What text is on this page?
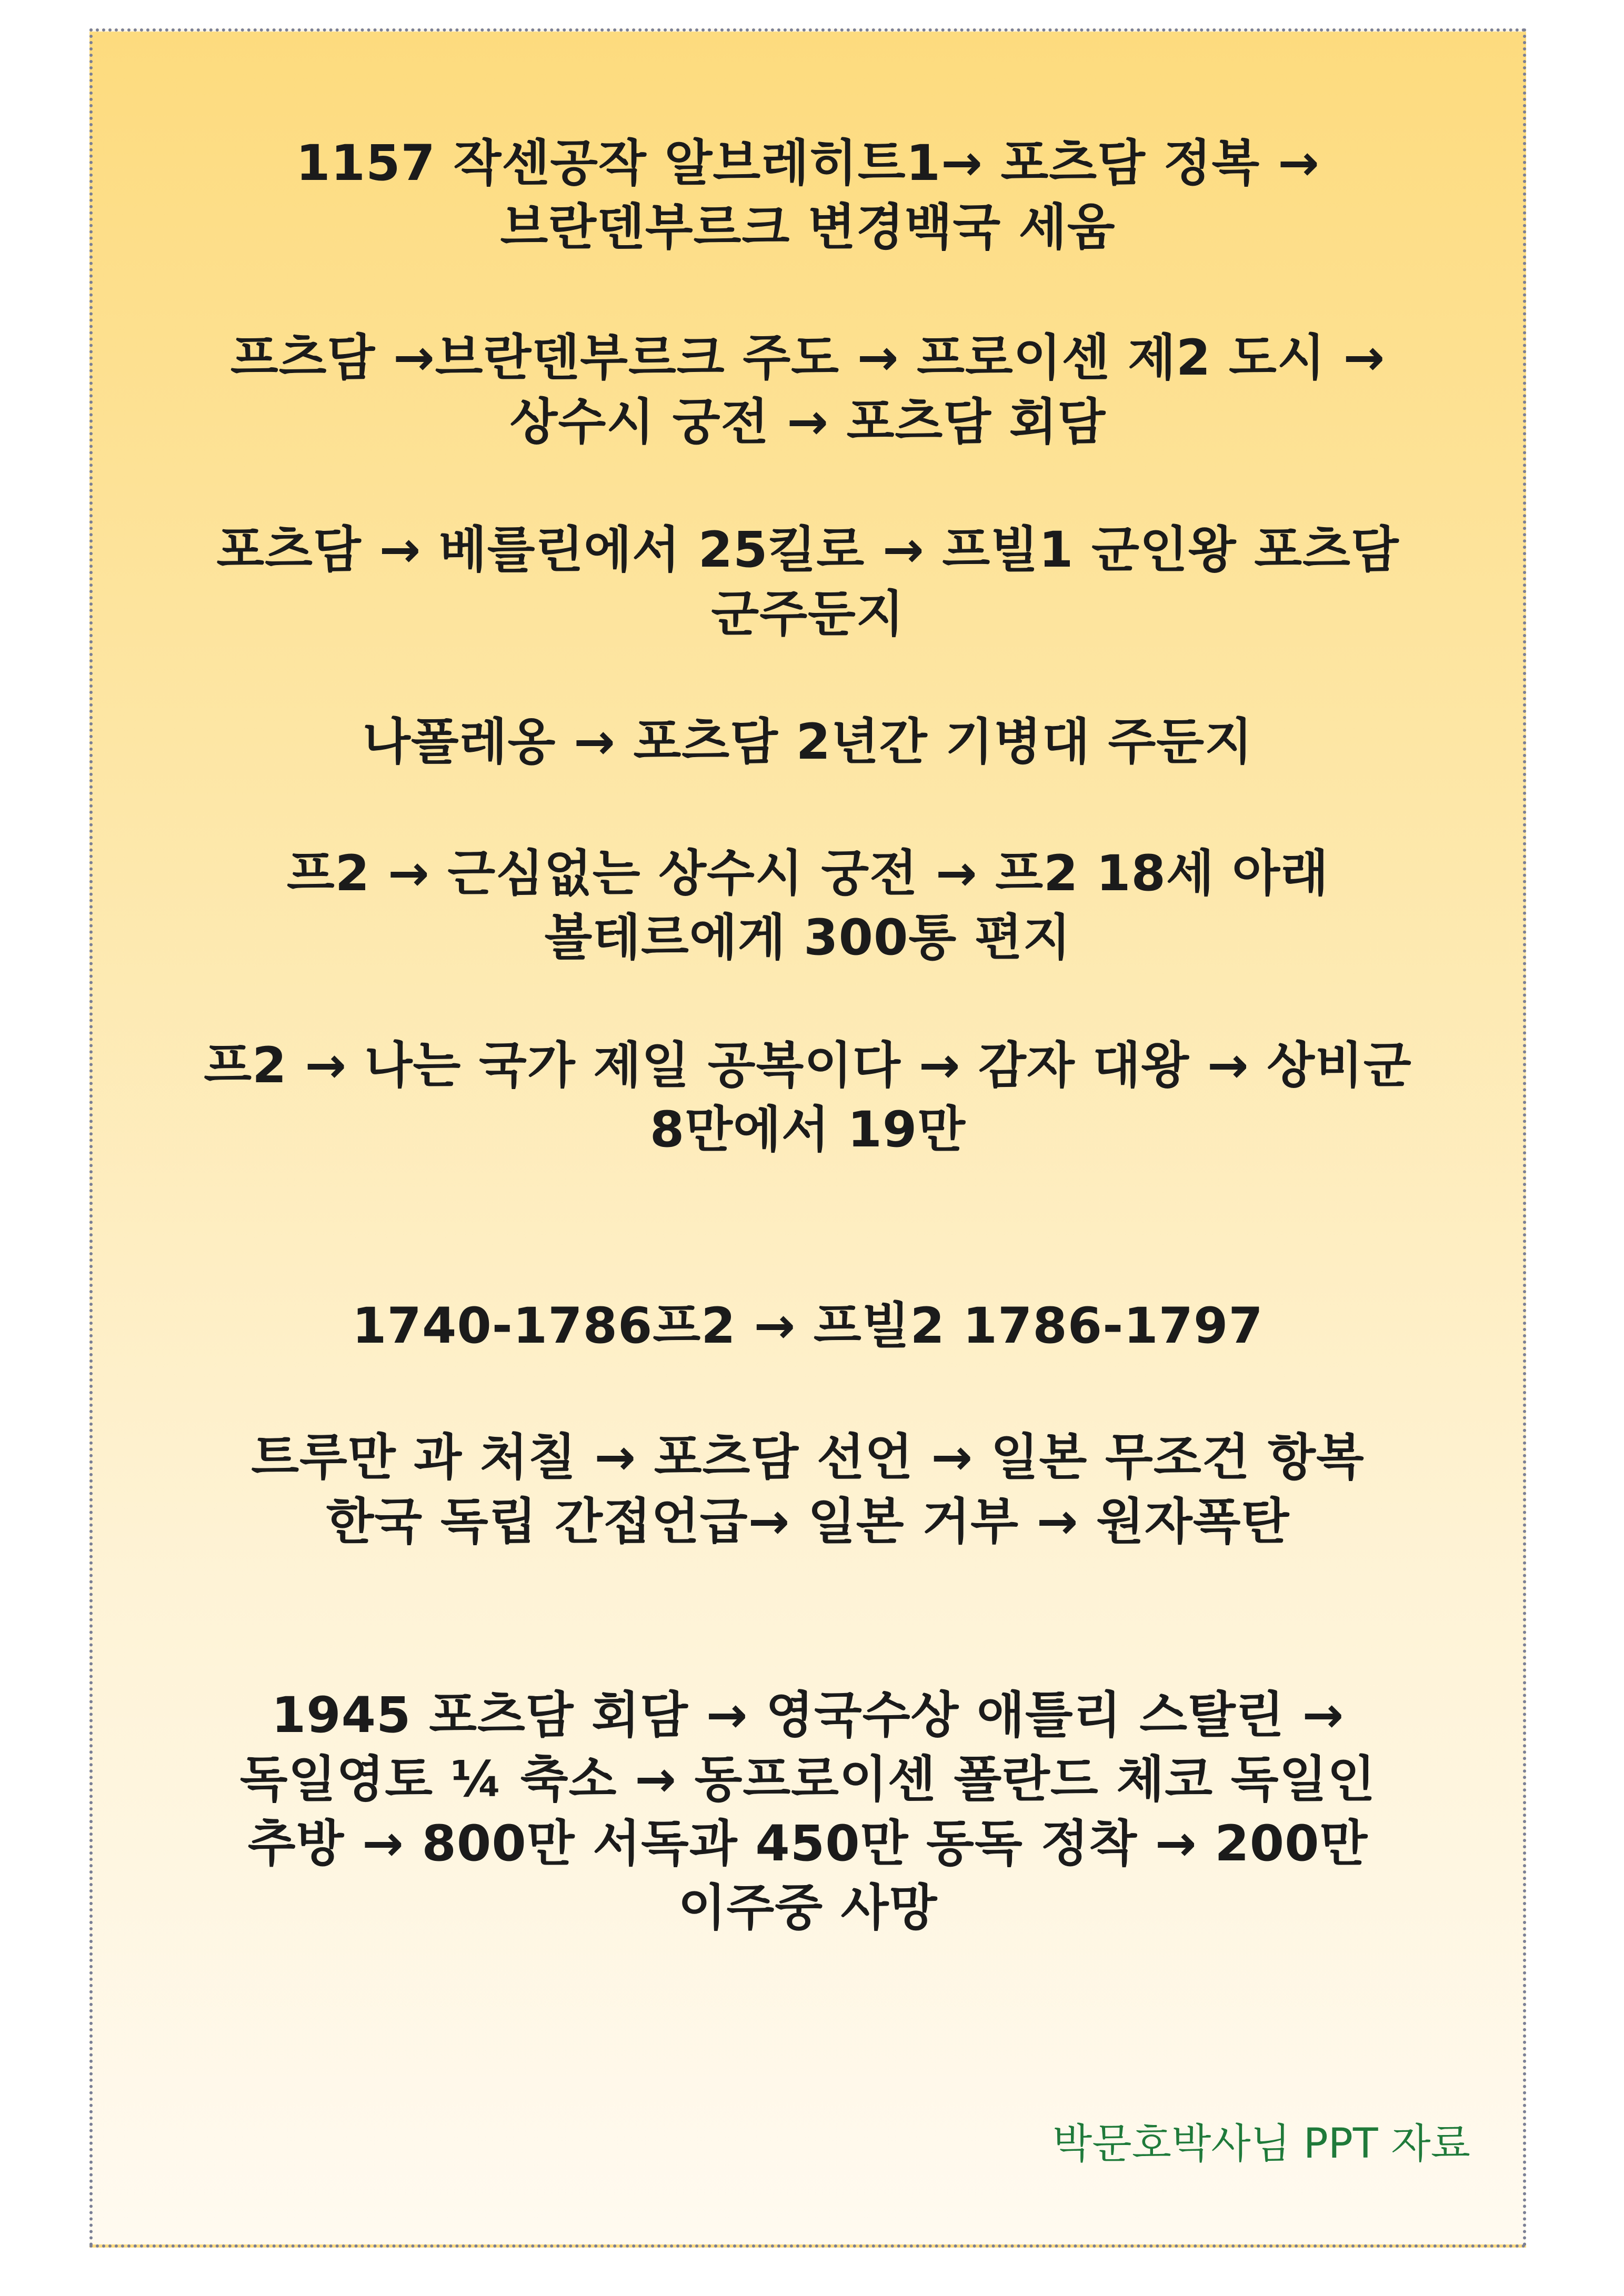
1157 작센공작 알브레히트1→ 포츠담 정복 →
브란덴부르크 변경백국 세움
프츠담 →브란덴부르크 주도 → 프로이센 제2 도시 →
상수시 궁전 → 포츠담 회담
포츠담 → 베를린에서 25킬로 → 프빌1 군인왕 포츠담
군주둔지
나폴레옹 → 포츠담 2년간 기병대 주둔지
프2 → 근심없는 상수시 궁전 → 프2 18세 아래
볼테르에게 300통 편지
프2 → 나는 국가 제일 공복이다 → 감자 대왕 → 상비군
8만에서 19만
1740-1786프2 → 프빌2 1786-1797
트루만 과 처칠 → 포츠담 선언 → 일본 무조건 항복
한국 독립 간접언급→ 일본 거부 → 원자폭탄
1945 포츠담 회담 → 영국수상 애틀리 스탈린 →
독일영토 ¼ 축소 → 동프로이센 폴란드 체코 독일인
추방 → 800만 서독과 450만 동독 정착 → 200만
이주중 사망
박문호박사님 PPT 자료
